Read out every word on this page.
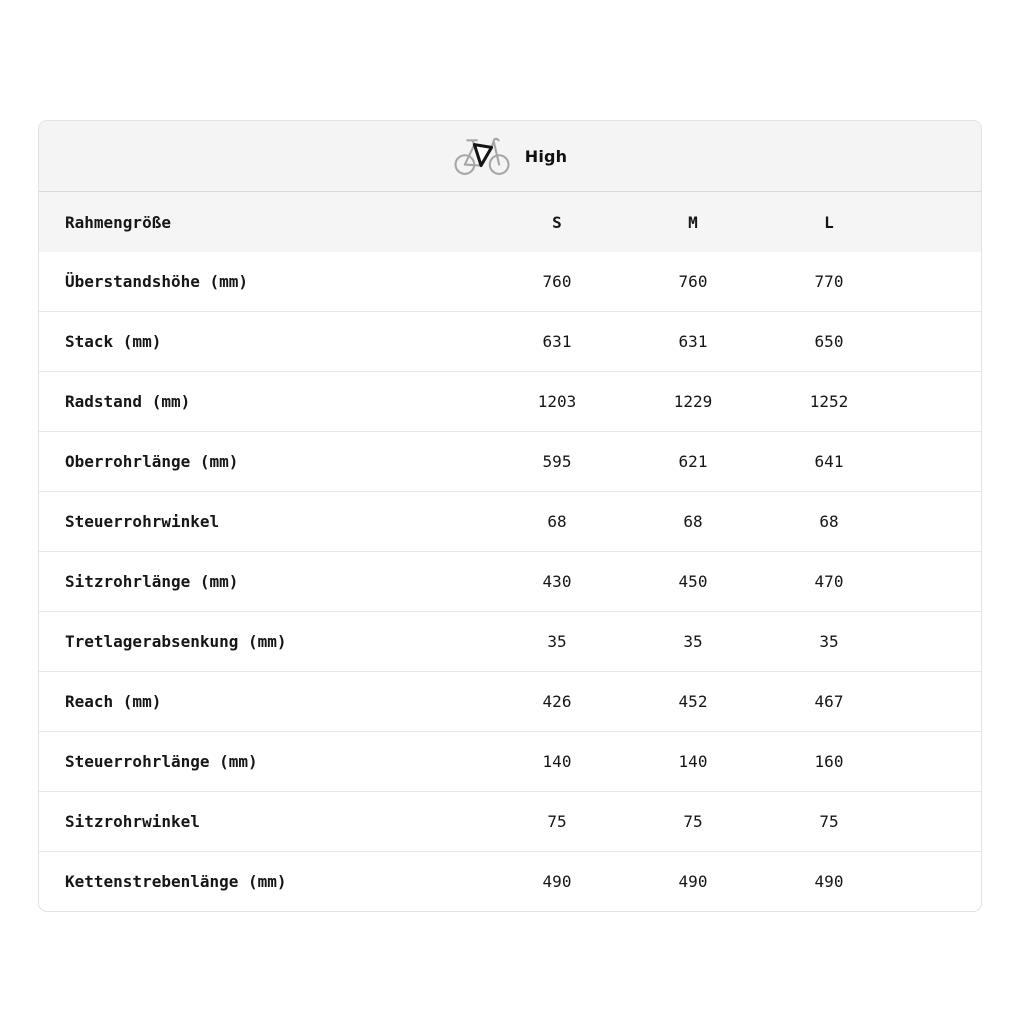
High
Rahmengröße	S	M	L
Überstandshöhe (mm)	760	760	770
Stack (mm)	631	631	650
Radstand (mm)	1203	1229	1252
Oberrohrlänge (mm)	595	621	641
Steuerrohrwinkel	68	68	68
Sitzrohrlänge (mm)	430	450	470
Tretlagerabsenkung (mm)	35	35	35
Reach (mm)	426	452	467
Steuerrohrlänge (mm)	140	140	160
Sitzrohrwinkel	75	75	75
Kettenstrebenlänge (mm)	490	490	490
